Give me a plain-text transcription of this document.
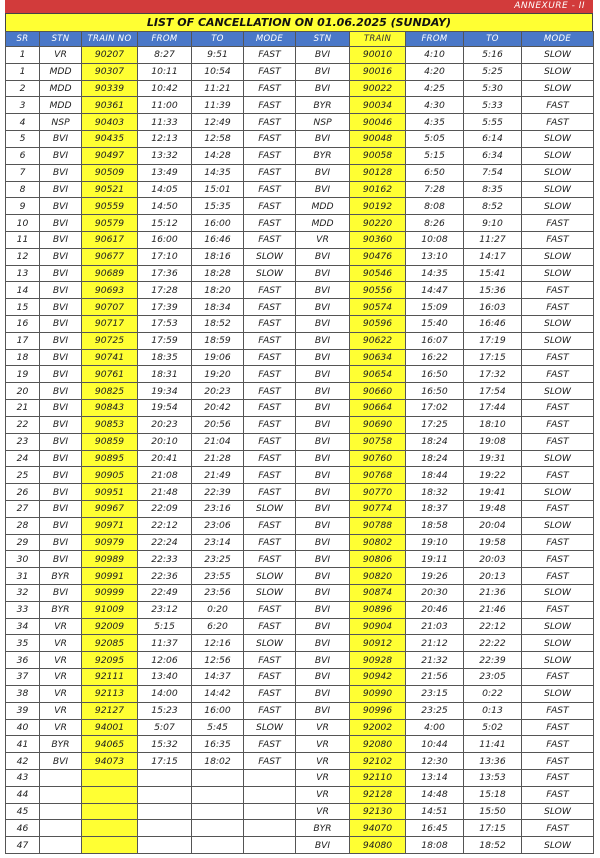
ANNEXURE - II
LIST OF CANCELLATION ON 01.06.2025 (SUNDAY)
SR	STN	TRAIN NO	FROM	TO	MODE	STN	TRAIN	FROM	TO	MODE
1	VR	90207	8:27	9:51	FAST	BVI	90010	4:10	5:16	SLOW
1	MDD	90307	10:11	10:54	FAST	BVI	90016	4:20	5:25	SLOW
2	MDD	90339	10:42	11:21	FAST	BVI	90022	4:25	5:30	SLOW
3	MDD	90361	11:00	11:39	FAST	BYR	90034	4:30	5:33	FAST
4	NSP	90403	11:33	12:49	FAST	NSP	90046	4:35	5:55	FAST
5	BVI	90435	12:13	12:58	FAST	BVI	90048	5:05	6:14	SLOW
6	BVI	90497	13:32	14:28	FAST	BYR	90058	5:15	6:34	SLOW
7	BVI	90509	13:49	14:35	FAST	BVI	90128	6:50	7:54	SLOW
8	BVI	90521	14:05	15:01	FAST	BVI	90162	7:28	8:35	SLOW
9	BVI	90559	14:50	15:35	FAST	MDD	90192	8:08	8:52	SLOW
10	BVI	90579	15:12	16:00	FAST	MDD	90220	8:26	9:10	FAST
11	BVI	90617	16:00	16:46	FAST	VR	90360	10:08	11:27	FAST
12	BVI	90677	17:10	18:16	SLOW	BVI	90476	13:10	14:17	SLOW
13	BVI	90689	17:36	18:28	SLOW	BVI	90546	14:35	15:41	SLOW
14	BVI	90693	17:28	18:20	FAST	BVI	90556	14:47	15:36	FAST
15	BVI	90707	17:39	18:34	FAST	BVI	90574	15:09	16:03	FAST
16	BVI	90717	17:53	18:52	FAST	BVI	90596	15:40	16:46	SLOW
17	BVI	90725	17:59	18:59	FAST	BVI	90622	16:07	17:19	SLOW
18	BVI	90741	18:35	19:06	FAST	BVI	90634	16:22	17:15	FAST
19	BVI	90761	18:31	19:20	FAST	BVI	90654	16:50	17:32	FAST
20	BVI	90825	19:34	20:23	FAST	BVI	90660	16:50	17:54	SLOW
21	BVI	90843	19:54	20:42	FAST	BVI	90664	17:02	17:44	FAST
22	BVI	90853	20:23	20:56	FAST	BVI	90690	17:25	18:10	FAST
23	BVI	90859	20:10	21:04	FAST	BVI	90758	18:24	19:08	FAST
24	BVI	90895	20:41	21:28	FAST	BVI	90760	18:24	19:31	SLOW
25	BVI	90905	21:08	21:49	FAST	BVI	90768	18:44	19:22	FAST
26	BVI	90951	21:48	22:39	FAST	BVI	90770	18:32	19:41	SLOW
27	BVI	90967	22:09	23:16	SLOW	BVI	90774	18:37	19:48	FAST
28	BVI	90971	22:12	23:06	FAST	BVI	90788	18:58	20:04	SLOW
29	BVI	90979	22:24	23:14	FAST	BVI	90802	19:10	19:58	FAST
30	BVI	90989	22:33	23:25	FAST	BVI	90806	19:11	20:03	FAST
31	BYR	90991	22:36	23:55	SLOW	BVI	90820	19:26	20:13	FAST
32	BVI	90999	22:49	23:56	SLOW	BVI	90874	20:30	21:36	SLOW
33	BYR	91009	23:12	0:20	FAST	BVI	90896	20:46	21:46	FAST
34	VR	92009	5:15	6:20	FAST	BVI	90904	21:03	22:12	SLOW
35	VR	92085	11:37	12:16	SLOW	BVI	90912	21:12	22:22	SLOW
36	VR	92095	12:06	12:56	FAST	BVI	90928	21:32	22:39	SLOW
37	VR	92111	13:40	14:37	FAST	BVI	90942	21:56	23:05	FAST
38	VR	92113	14:00	14:42	FAST	BVI	90990	23:15	0:22	SLOW
39	VR	92127	15:23	16:00	FAST	BVI	90996	23:25	0:13	FAST
40	VR	94001	5:07	5:45	SLOW	VR	92002	4:00	5:02	FAST
41	BYR	94065	15:32	16:35	FAST	VR	92080	10:44	11:41	FAST
42	BVI	94073	17:15	18:02	FAST	VR	92102	12:30	13:36	FAST
43						VR	92110	13:14	13:53	FAST
44						VR	92128	14:48	15:18	FAST
45						VR	92130	14:51	15:50	SLOW
46						BYR	94070	16:45	17:15	FAST
47						BVI	94080	18:08	18:52	SLOW
